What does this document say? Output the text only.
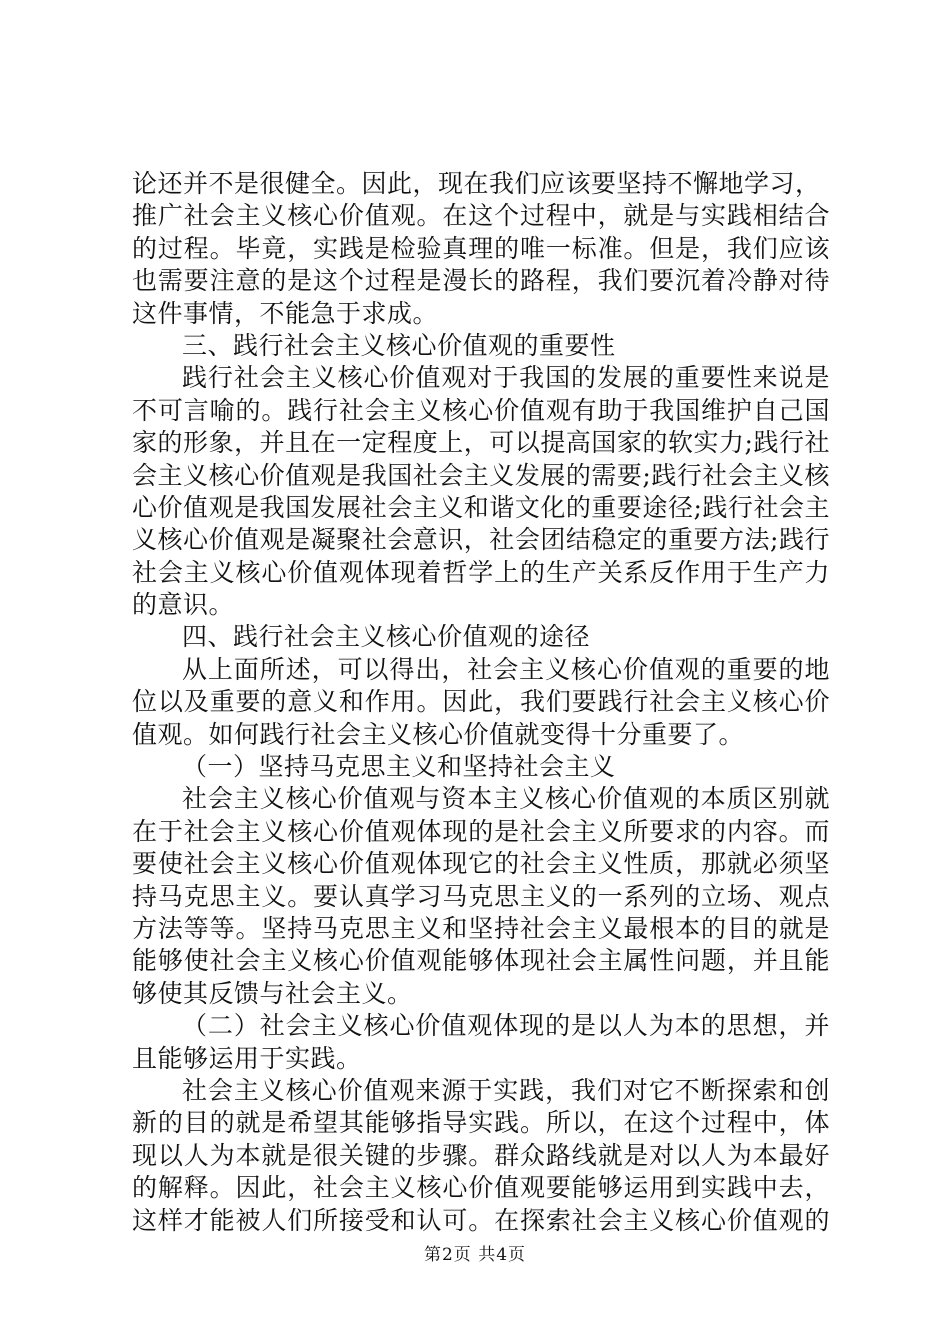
论还并不是很健全。因此，现在我们应该要坚持不懈地学习，
推广社会主义核心价值观。在这个过程中，就是与实践相结合
的过程。毕竟，实践是检验真理的唯一标准。但是，我们应该
也需要注意的是这个过程是漫长的路程，我们要沉着冷静对待
这件事情，不能急于求成。
三、践行社会主义核心价值观的重要性
践行社会主义核心价值观对于我国的发展的重要性来说是
不可言喻的。践行社会主义核心价值观有助于我国维护自己国
家的形象，并且在一定程度上，可以提高国家的软实力;践行社
会主义核心价值观是我国社会主义发展的需要;践行社会主义核
心价值观是我国发展社会主义和谐文化的重要途径;践行社会主
义核心价值观是凝聚社会意识，社会团结稳定的重要方法;践行
社会主义核心价值观体现着哲学上的生产关系反作用于生产力
的意识。
四、践行社会主义核心价值观的途径
从上面所述，可以得出，社会主义核心价值观的重要的地
位以及重要的意义和作用。因此，我们要践行社会主义核心价
值观。如何践行社会主义核心价值就变得十分重要了。
（一）坚持马克思主义和坚持社会主义
社会主义核心价值观与资本主义核心价值观的本质区别就
在于社会主义核心价值观体现的是社会主义所要求的内容。而
要使社会主义核心价值观体现它的社会主义性质，那就必须坚
持马克思主义。要认真学习马克思主义的一系列的立场、观点
方法等等。坚持马克思主义和坚持社会主义最根本的目的就是
能够使社会主义核心价值观能够体现社会主属性问题，并且能
够使其反馈与社会主义。
（二）社会主义核心价值观体现的是以人为本的思想，并
且能够运用于实践。
社会主义核心价值观来源于实践，我们对它不断探索和创
新的目的就是希望其能够指导实践。所以，在这个过程中，体
现以人为本就是很关键的步骤。群众路线就是对以人为本最好
的解释。因此，社会主义核心价值观要能够运用到实践中去，
这样才能被人们所接受和认可。在探索社会主义核心价值观的
第2页 共4页
